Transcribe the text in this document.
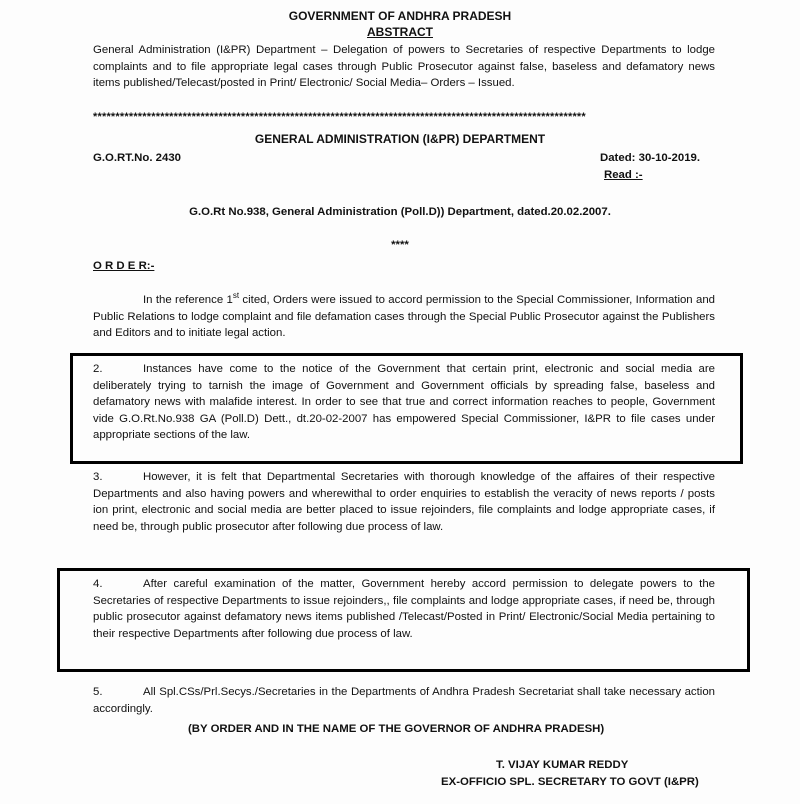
GOVERNMENT OF ANDHRA PRADESH
ABSTRACT
General Administration (I&PR) Department – Delegation of powers to Secretaries of respective Departments to lodge complaints and to file appropriate legal cases through Public Prosecutor against false, baseless and defamatory news items published/Telecast/posted in Print/ Electronic/ Social Media– Orders – Issued.
**************************************************************************************************************
GENERAL ADMINISTRATION (I&PR) DEPARTMENT
G.O.RT.No. 2430	Dated: 30-10-2019.
Read :-
G.O.Rt No.938, General Administration (Poll.D)) Department, dated.20.02.2007.
****
O R D E R:-
In the reference 1st cited, Orders were issued to accord permission to the Special Commissioner, Information and Public Relations to lodge complaint and file defamation cases through the Special Public Prosecutor against the Publishers and Editors and to initiate legal action.
2.	Instances have come to the notice of the Government that certain print, electronic and social media are deliberately trying to tarnish the image of Government and Government officials by spreading false, baseless and defamatory news with malafide interest. In order to see that true and correct information reaches to people, Government vide G.O.Rt.No.938 GA (Poll.D) Dett., dt.20-02-2007 has empowered Special Commissioner, I&PR to file cases under appropriate sections of the law.
3.	However, it is felt that Departmental Secretaries with thorough knowledge of the affaires of their respective Departments and also having powers and wherewithal to order enquiries to establish the veracity of news reports / posts ion print, electronic and social media are better placed to issue rejoinders, file complaints and lodge appropriate cases, if need be, through public prosecutor after following due process of law.
4.	After careful examination of the matter, Government hereby accord permission to delegate powers to the Secretaries of respective Departments to issue rejoinders,, file complaints and lodge appropriate cases, if need be, through public prosecutor against defamatory news items published /Telecast/Posted in Print/ Electronic/Social Media pertaining to their respective Departments after following due process of law.
5.	All Spl.CSs/Prl.Secys./Secretaries in the Departments of Andhra Pradesh Secretariat shall take necessary action accordingly.
(BY ORDER AND IN THE NAME OF THE GOVERNOR OF ANDHRA PRADESH)
T. VIJAY KUMAR REDDY
EX-OFFICIO SPL. SECRETARY TO GOVT (I&PR)
